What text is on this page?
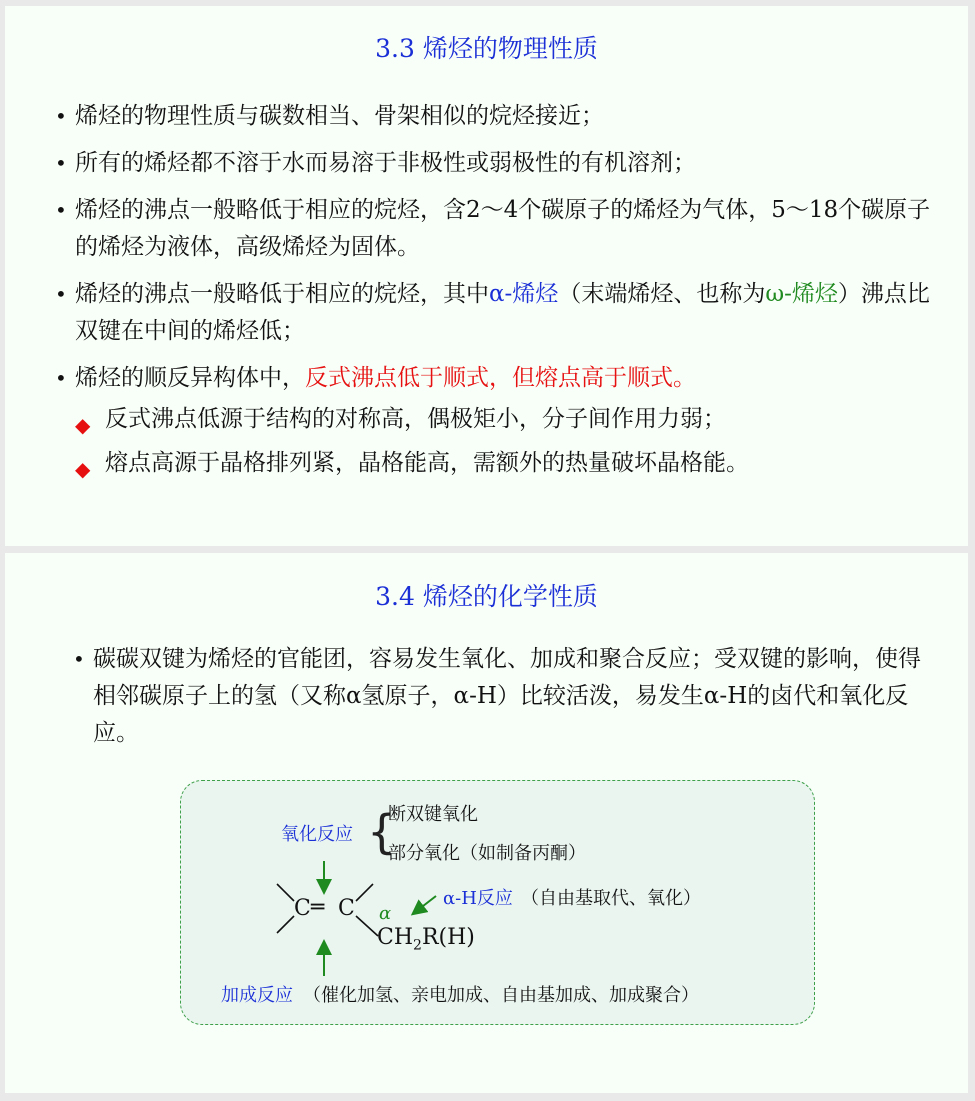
3.3 烯烃的物理性质
• 烯烃的物理性质与碳数相当、骨架相似的烷烃接近；
• 所有的烯烃都不溶于水而易溶于非极性或弱极性的有机溶剂；
• 烯烃的沸点一般略低于相应的烷烃，含2～4个碳原子的烯烃为气体，5～18个碳原子的烯烃为液体，高级烯烃为固体。
• 烯烃的沸点一般略低于相应的烷烃，其中α-烯烃（末端烯烃、也称为ω-烯烃）沸点比双键在中间的烯烃低；
• 烯烃的顺反异构体中，反式沸点低于顺式，但熔点高于顺式。
◆ 反式沸点低源于结构的对称高，偶极矩小，分子间作用力弱；
◆ 熔点高源于晶格排列紧，晶格能高，需额外的热量破坏晶格能。
3.4 烯烃的化学性质
• 碳碳双键为烯烃的官能团，容易发生氧化、加成和聚合反应；受双键的影响，使得相邻碳原子上的氢（又称α氢原子，α-H）比较活泼，易发生α-H的卤代和氧化反应。
氧化反应 {
断双键氧化
部分氧化（如制备丙酮）
C ═ C α
$CH_2R(H)$
α-H反应 （自由基取代、氧化）
加成反应 （催化加氢、亲电加成、自由基加成、加成聚合）
